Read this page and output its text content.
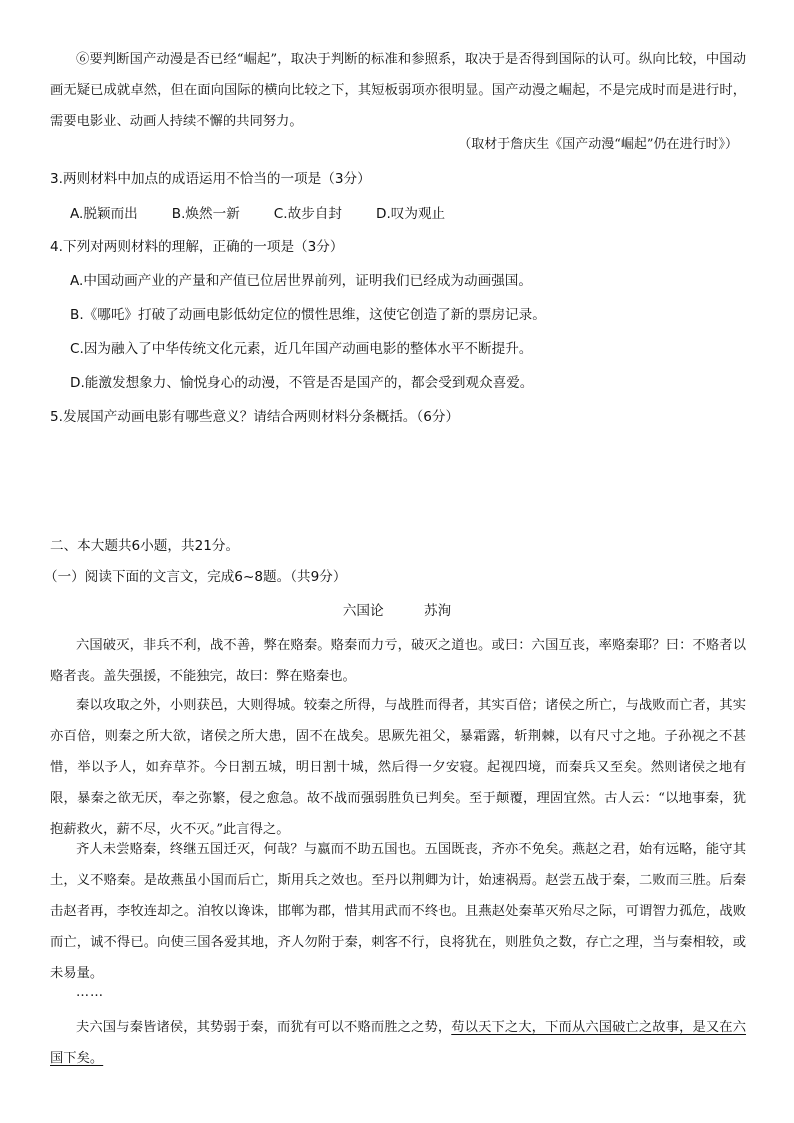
⑥要判断国产动漫是否已经“崛起”，取决于判断的标准和参照系，取决于是否得到国际的认可。纵向比较，中国动画无疑已成就卓然，但在面向国际的横向比较之下，其短板弱项亦很明显。国产动漫之崛起，不是完成时而是进行时，需要电影业、动画人持续不懈的共同努力。

（取材于詹庆生《国产动漫“崛起”仍在进行时》）
3.两则材料中加点的成语运用不恰当的一项是（3分）
A.脱颖而出	B.焕然一新	C.故步自封	D.叹为观止
4.下列对两则材料的理解，正确的一项是（3分）
A.中国动画产业的产量和产值已位居世界前列，证明我们已经成为动画强国。
B.《哪吒》打破了动画电影低幼定位的惯性思维，这使它创造了新的票房记录。
C.因为融入了中华传统文化元素，近几年国产动画电影的整体水平不断提升。
D.能激发想象力、愉悦身心的动漫，不管是否是国产的，都会受到观众喜爱。
5.发展国产动画电影有哪些意义？请结合两则材料分条概括。（6分）
二、本大题共6小题，共21分。
（一）阅读下面的文言文，完成6~8题。（共9分）
六国论	苏洵

六国破灭，非兵不利，战不善，弊在赂秦。赂秦而力亏，破灭之道也。或曰：六国互丧，率赂秦耶？曰：不赂者以赂者丧。盖失强援，不能独完，故曰：弊在赂秦也。

秦以攻取之外，小则获邑，大则得城。较秦之所得，与战胜而得者，其实百倍；诸侯之所亡，与战败而亡者，其实亦百倍，则秦之所大欲，诸侯之所大患，固不在战矣。思厥先祖父，暴霜露，斩荆棘，以有尺寸之地。子孙视之不甚惜，举以予人，如弃草芥。今日割五城，明日割十城，然后得一夕安寝。起视四境，而秦兵又至矣。然则诸侯之地有限，暴秦之欲无厌，奉之弥繁，侵之愈急。故不战而强弱胜负已判矣。至于颠覆，理固宜然。古人云：“以地事秦，犹抱薪救火，薪不尽，火不灭。”此言得之。

齐人未尝赂秦，终继五国迁灭，何哉？与嬴而不助五国也。五国既丧，齐亦不免矣。燕赵之君，始有远略，能守其土，义不赂秦。是故燕虽小国而后亡，斯用兵之效也。至丹以荆卿为计，始速祸焉。赵尝五战于秦，二败而三胜。后秦击赵者再，李牧连却之。洎牧以谗诛，邯郸为郡，惜其用武而不终也。且燕赵处秦革灭殆尽之际，可谓智力孤危，战败而亡，诚不得已。向使三国各爱其地，齐人勿附于秦，刺客不行，良将犹在，则胜负之数，存亡之理，当与秦相较，或未易量。

……

夫六国与秦皆诸侯，其势弱于秦，而犹有可以不赂而胜之之势，苟以天下之大，下而从六国破亡之故事，是又在六国下矣。
